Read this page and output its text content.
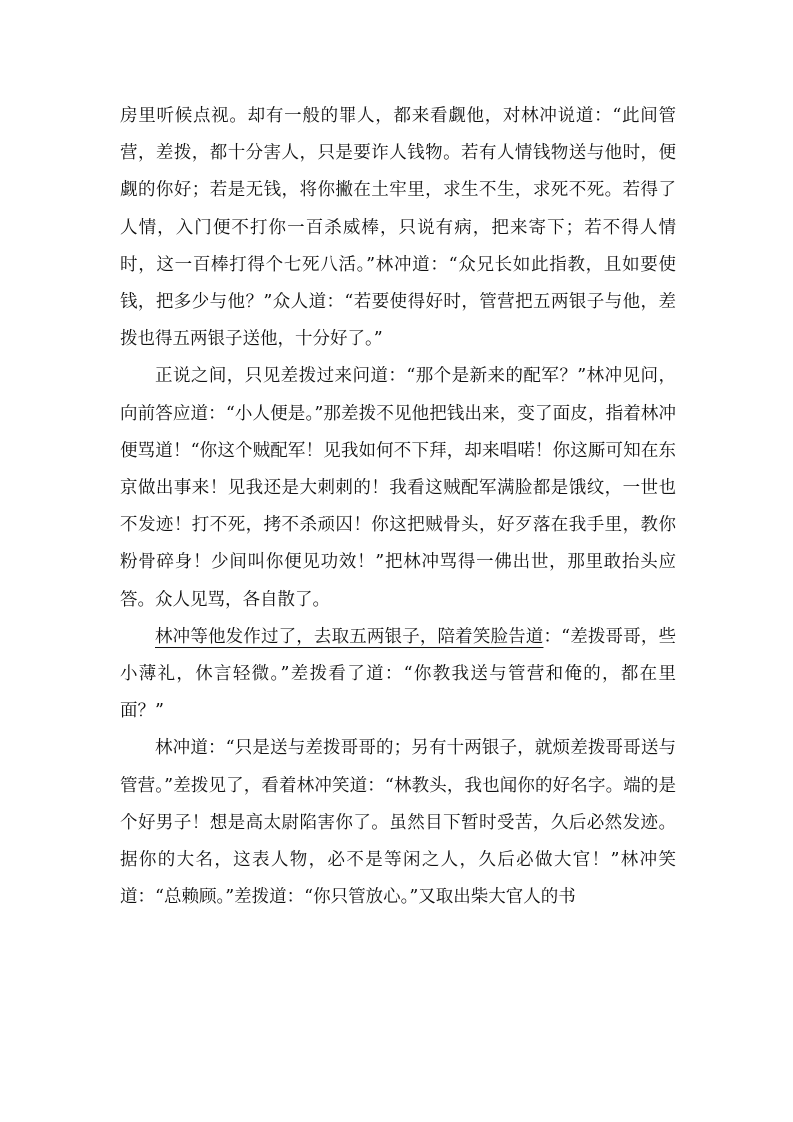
房里听候点视。却有一般的罪人，都来看觑他，对林冲说道：“此间管营，差拨，都十分害人，只是要诈人钱物。若有人情钱物送与他时，便觑的你好；若是无钱，将你撇在土牢里，求生不生，求死不死。若得了人情，入门便不打你一百杀威棒，只说有病，把来寄下；若不得人情时，这一百棒打得个七死八活。”林冲道：“众兄长如此指教，且如要使钱，把多少与他？”众人道：“若要使得好时，管营把五两银子与他，差拨也得五两银子送他，十分好了。”

正说之间，只见差拨过来问道：“那个是新来的配军？”林冲见问，向前答应道：“小人便是。”那差拨不见他把钱出来，变了面皮，指着林冲便骂道！“你这个贼配军！见我如何不下拜，却来唱喏！你这厮可知在东京做出事来！见我还是大刺刺的！我看这贼配军满脸都是饿纹，一世也不发迹！打不死，拷不杀顽囚！你这把贼骨头，好歹落在我手里，教你粉骨碎身！少间叫你便见功效！”把林冲骂得一佛出世，那里敢抬头应答。众人见骂，各自散了。

林冲等他发作过了，去取五两银子，陪着笑脸告道：“差拨哥哥，些小薄礼，休言轻微。”差拨看了道：“你教我送与管营和俺的，都在里面？”

林冲道：“只是送与差拨哥哥的；另有十两银子，就烦差拨哥哥送与管营。”差拨见了，看着林冲笑道：“林教头，我也闻你的好名字。端的是个好男子！想是高太尉陷害你了。虽然目下暂时受苦，久后必然发迹。据你的大名，这表人物，必不是等闲之人，久后必做大官！”林冲笑道：“总赖顾。”差拨道：“你只管放心。”又取出柴大官人的书
